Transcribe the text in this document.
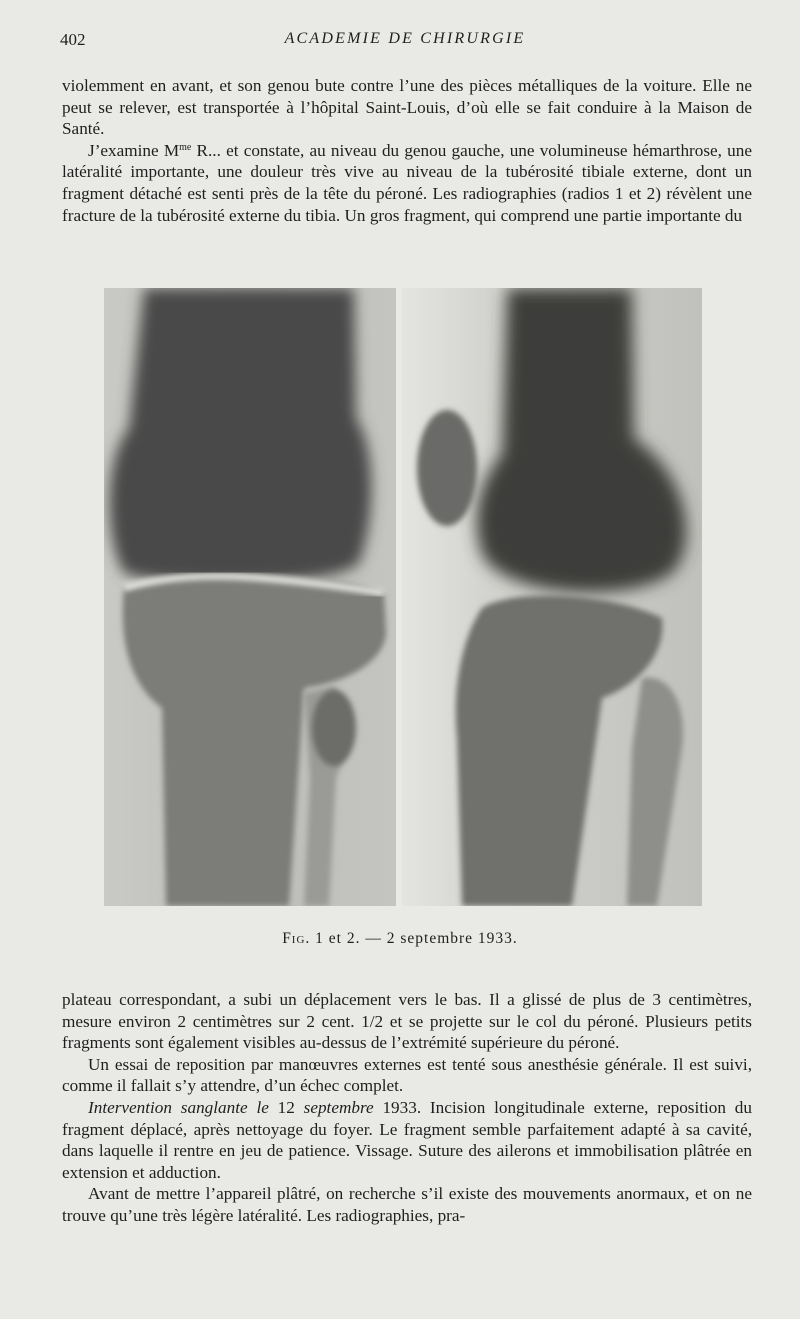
402	ACADEMIE DE CHIRURGIE

violemment en avant, et son genou bute contre l’une des pièces métalliques de la voiture. Elle ne peut se relever, est transportée à l’hôpital Saint-Louis, d’où elle se fait conduire à la Maison de Santé.

J’examine $M^{me}$ R... et constate, au niveau du genou gauche, une volumineuse hémarthrose, une latéralité importante, une douleur très vive au niveau de la tubérosité tibiale externe, dont un fragment détaché est senti près de la tête du péroné. Les radiographies (radios 1 et 2) révèlent une fracture de la tubérosité externe du tibia. Un gros fragment, qui comprend une partie importante du

Fig. 1 et 2. — 2 septembre 1933.

plateau correspondant, a subi un déplacement vers le bas. Il a glissé de plus de 3 centimètres, mesure environ 2 centimètres sur 2 cent. 1/2 et se projette sur le col du péroné. Plusieurs petits fragments sont également visibles au-dessus de l’extrémité supérieure du péroné.

Un essai de reposition par manœuvres externes est tenté sous anesthésie générale. Il est suivi, comme il fallait s’y attendre, d’un échec complet.

Intervention sanglante le 12 septembre 1933. Incision longitudinale externe, reposition du fragment déplacé, après nettoyage du foyer. Le fragment semble parfaitement adapté à sa cavité, dans laquelle il rentre en jeu de patience. Vissage. Suture des ailerons et immobilisation plâtrée en extension et adduction.

Avant de mettre l’appareil plâtré, on recherche s’il existe des mouvements anormaux, et on ne trouve qu’une très légère latéralité. Les radiographies, pra-
